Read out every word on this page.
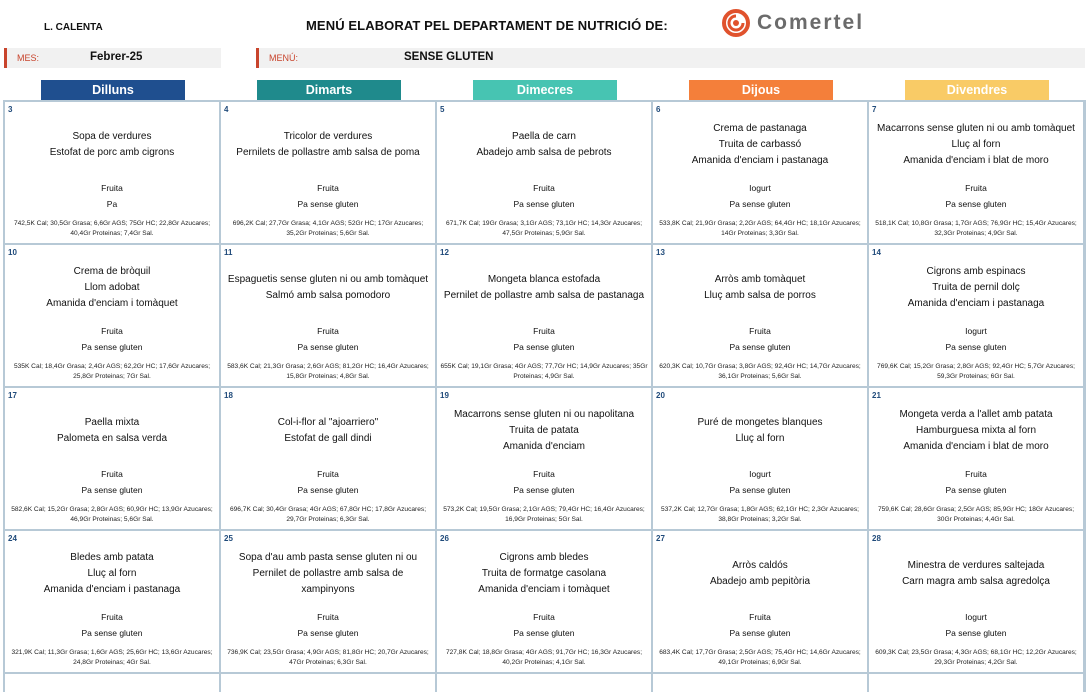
L. CALENTA	MENÚ ELABORAT PEL DEPARTAMENT DE NUTRICIÓ DE:	Comertel
MES:	Febrer-25	MENÚ:	SENSE GLUTEN
Dilluns	Dimarts	Dimecres	Dijous	Divendres
3
Sopa de verdures
Estofat de porc amb cigrons
Fruita
Pa
742,5K Cal; 30,5Gr Grasa; 6,6Gr AGS; 75Gr HC; 22,8Gr Azucares; 40,4Gr Proteinas; 7,4Gr Sal.
4
Tricolor de verdures
Pernilets de pollastre amb salsa de poma
Fruita
Pa sense gluten
696,2K Cal; 27,7Gr Grasa; 4,1Gr AGS; 52Gr HC; 17Gr Azucares; 35,2Gr Proteinas; 5,6Gr Sal.
5
Paella de carn
Abadejo amb salsa de pebrots
Fruita
Pa sense gluten
671,7K Cal; 19Gr Grasa; 3,1Gr AGS; 73,1Gr HC; 14,3Gr Azucares; 47,5Gr Proteinas; 5,9Gr Sal.
6
Crema de pastanaga
Truita de carbassó
Amanida d'enciam i pastanaga
Iogurt
Pa sense gluten
533,8K Cal; 21,9Gr Grasa; 2,2Gr AGS; 64,4Gr HC; 18,1Gr Azucares; 14Gr Proteinas; 3,3Gr Sal.
7
Macarrons sense gluten ni ou amb tomàquet
Lluç al forn
Amanida d'enciam i blat de moro
Fruita
Pa sense gluten
518,1K Cal; 10,8Gr Grasa; 1,7Gr AGS; 76,9Gr HC; 15,4Gr Azucares; 32,3Gr Proteinas; 4,9Gr Sal.
10
Crema de bròquil
Llom adobat
Amanida d'enciam i tomàquet
Fruita
Pa sense gluten
535K Cal; 18,4Gr Grasa; 2,4Gr AGS; 62,2Gr HC; 17,6Gr Azucares; 25,8Gr Proteinas; 7Gr Sal.
11
Espaguetis sense gluten ni ou amb tomàquet
Salmó amb salsa pomodoro
Fruita
Pa sense gluten
583,6K Cal; 21,3Gr Grasa; 2,6Gr AGS; 81,2Gr HC; 16,4Gr Azucares; 15,8Gr Proteinas; 4,8Gr Sal.
12
Mongeta blanca estofada
Pernilet de pollastre amb salsa de pastanaga
Fruita
Pa sense gluten
655K Cal; 19,1Gr Grasa; 4Gr AGS; 77,7Gr HC; 14,9Gr Azucares; 35Gr Proteinas; 4,9Gr Sal.
13
Arròs amb tomàquet
Lluç amb salsa de porros
Fruita
Pa sense gluten
620,3K Cal; 10,7Gr Grasa; 3,8Gr AGS; 92,4Gr HC; 14,7Gr Azucares; 36,1Gr Proteinas; 5,6Gr Sal.
14
Cigrons amb espinacs
Truita de pernil dolç
Amanida d'enciam i pastanaga
Iogurt
Pa sense gluten
769,6K Cal; 15,2Gr Grasa; 2,8Gr AGS; 92,4Gr HC; 5,7Gr Azucares; 59,3Gr Proteinas; 6Gr Sal.
17
Paella mixta
Palometa en salsa verda
Fruita
Pa sense gluten
582,6K Cal; 15,2Gr Grasa; 2,8Gr AGS; 60,9Gr HC; 13,9Gr Azucares; 46,9Gr Proteinas; 5,6Gr Sal.
18
Col-i-flor al "ajoarriero"
Estofat de gall dindi
Fruita
Pa sense gluten
696,7K Cal; 30,4Gr Grasa; 4Gr AGS; 67,8Gr HC; 17,8Gr Azucares; 29,7Gr Proteinas; 6,3Gr Sal.
19
Macarrons sense gluten ni ou napolitana
Truita de patata
Amanida d'enciam
Fruita
Pa sense gluten
573,2K Cal; 19,5Gr Grasa; 2,1Gr AGS; 79,4Gr HC; 16,4Gr Azucares; 16,9Gr Proteinas; 5Gr Sal.
20
Puré de mongetes blanques
Lluç al forn
Iogurt
Pa sense gluten
537,2K Cal; 12,7Gr Grasa; 1,8Gr AGS; 62,1Gr HC; 2,3Gr Azucares; 38,8Gr Proteinas; 3,2Gr Sal.
21
Mongeta verda a l'allet amb patata
Hamburguesa mixta al forn
Amanida d'enciam i blat de moro
Fruita
Pa sense gluten
759,6K Cal; 28,6Gr Grasa; 2,5Gr AGS; 85,9Gr HC; 18Gr Azucares; 30Gr Proteinas; 4,4Gr Sal.
24
Bledes amb patata
Lluç al forn
Amanida d'enciam i pastanaga
Fruita
Pa sense gluten
321,9K Cal; 11,3Gr Grasa; 1,6Gr AGS; 25,6Gr HC; 13,6Gr Azucares; 24,8Gr Proteinas; 4Gr Sal.
25
Sopa d'au amb pasta sense gluten ni ou
Pernilet de pollastre amb salsa de
xampinyons
Fruita
Pa sense gluten
736,9K Cal; 23,5Gr Grasa; 4,9Gr AGS; 81,8Gr HC; 20,7Gr Azucares; 47Gr Proteinas; 6,3Gr Sal.
26
Cigrons amb bledes
Truita de formatge casolana
Amanida d'enciam i tomàquet
Fruita
Pa sense gluten
727,8K Cal; 18,8Gr Grasa; 4Gr AGS; 91,7Gr HC; 16,3Gr Azucares; 40,2Gr Proteinas; 4,1Gr Sal.
27
Arròs caldós
Abadejo amb pepitòria
Fruita
Pa sense gluten
683,4K Cal; 17,7Gr Grasa; 2,5Gr AGS; 75,4Gr HC; 14,6Gr Azucares; 49,1Gr Proteinas; 6,9Gr Sal.
28
Minestra de verdures saltejada
Carn magra amb salsa agredolça
Iogurt
Pa sense gluten
609,3K Cal; 23,5Gr Grasa; 4,3Gr AGS; 68,1Gr HC; 12,2Gr Azucares; 29,3Gr Proteinas; 4,2Gr Sal.
